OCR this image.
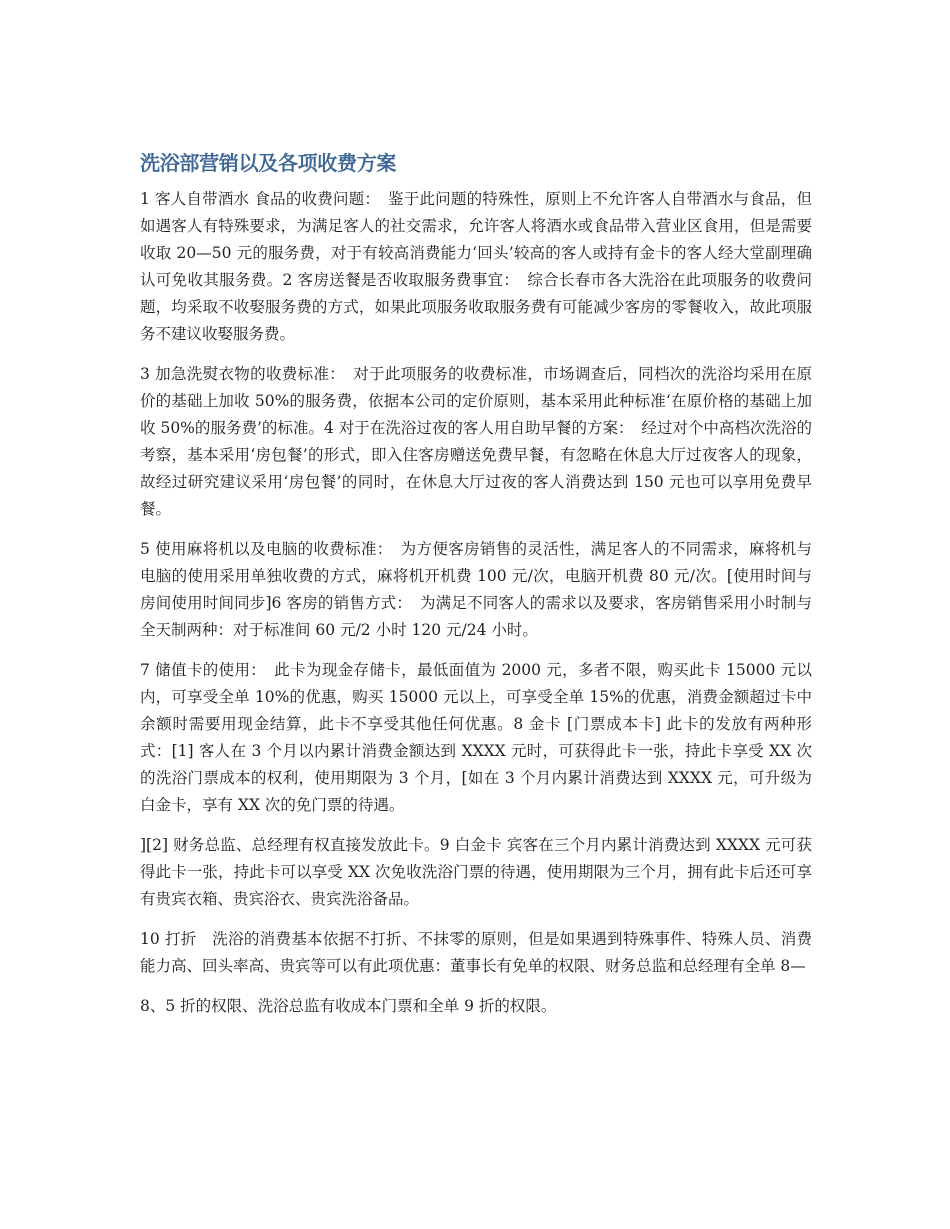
洗浴部营销以及各项收费方案

1 客人自带酒水 食品的收费问题：　鉴于此问题的特殊性，原则上不允许客人自带酒水与食品，但如遇客人有特殊要求，为满足客人的社交需求，允许客人将酒水或食品带入营业区食用，但是需要收取 20—50 元的服务费，对于有较高消费能力‘回头’较高的客人或持有金卡的客人经大堂副理确认可免收其服务费。2 客房送餐是否收取服务费事宜：　综合长春市各大洗浴在此项服务的收费问题，均采取不收娶服务费的方式，如果此项服务收取服务费有可能减少客房的零餐收入，故此项服务不建议收娶服务费。

3 加急洗熨衣物的收费标准：　对于此项服务的收费标准，市场调查后，同档次的洗浴均采用在原价的基础上加收 50%的服务费，依据本公司的定价原则，基本采用此种标准‘在原价格的基础上加收 50%的服务费’的标准。4 对于在洗浴过夜的客人用自助早餐的方案：　经过对个中高档次洗浴的考察，基本采用‘房包餐’的形式，即入住客房赠送免费早餐，有忽略在休息大厅过夜客人的现象，故经过研究建议采用‘房包餐’的同时，在休息大厅过夜的客人消费达到 150 元也可以享用免费早餐。

5 使用麻将机以及电脑的收费标准：　为方便客房销售的灵活性，满足客人的不同需求，麻将机与电脑的使用采用单独收费的方式，麻将机开机费 100 元/次，电脑开机费 80 元/次。[使用时间与房间使用时间同步]6 客房的销售方式：　为满足不同客人的需求以及要求，客房销售采用小时制与全天制两种：对于标准间 60 元/2 小时 120 元/24 小时。

7 储值卡的使用：　此卡为现金存储卡，最低面值为 2000 元，多者不限，购买此卡 15000 元以内，可享受全单 10%的优惠，购买 15000 元以上，可享受全单 15%的优惠，消费金额超过卡中余额时需要用现金结算，此卡不享受其他任何优惠。8 金卡 [门票成本卡] 此卡的发放有两种形式：[1] 客人在 3 个月以内累计消费金额达到 XXXX 元时，可获得此卡一张，持此卡享受 XX 次的洗浴门票成本的权利，使用期限为 3 个月，[如在 3 个月内累计消费达到 XXXX 元，可升级为白金卡，享有 XX 次的免门票的待遇。

][2] 财务总监、总经理有权直接发放此卡。9 白金卡 宾客在三个月内累计消费达到 XXXX 元可获得此卡一张，持此卡可以享受 XX 次免收洗浴门票的待遇，使用期限为三个月，拥有此卡后还可享有贵宾衣箱、贵宾浴衣、贵宾洗浴备品。

10 打折　洗浴的消费基本依据不打折、不抹零的原则，但是如果遇到特殊事件、特殊人员、消费能力高、回头率高、贵宾等可以有此项优惠：董事长有免单的权限、财务总监和总经理有全单 8—

8、5 折的权限、洗浴总监有收成本门票和全单 9 折的权限。
